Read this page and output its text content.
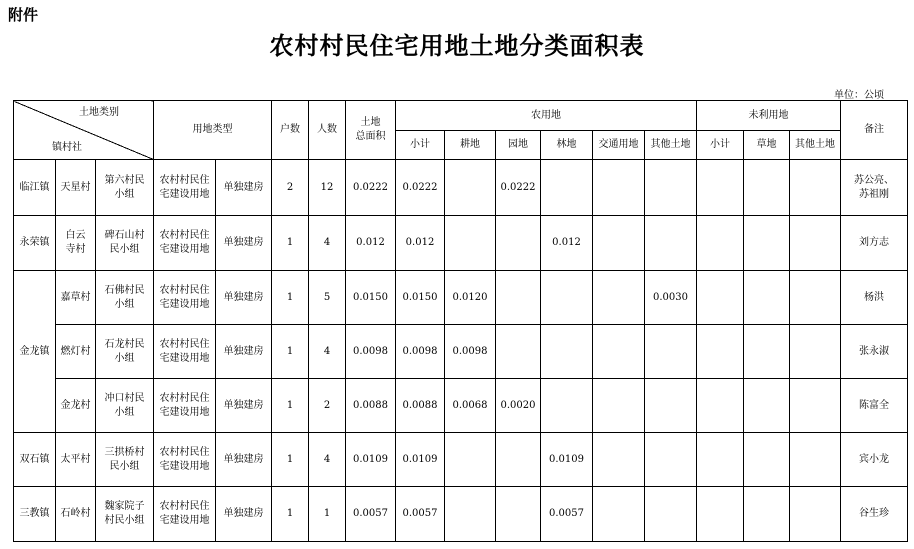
附件
农村村民住宅用地土地分类面积表
单位：公顷
土地类别
镇村社			用地类型		户数	人数	土地
总面积	农用地						未利用地			备注
								小计	耕地	园地	林地	交通用地	其他土地	小计	草地	其他土地	
临江镇	天星村	第六村民
小组	农村村民住
宅建设用地	单独建房	2	12	0.0222	0.0222		0.0222							苏公亮、
苏祖刚
永荣镇	白云
寺村	碑石山村
民小组	农村村民住
宅建设用地	单独建房	1	4	0.012	0.012			0.012						刘方志
金龙镇	嘉草村	石佛村民
小组	农村村民住
宅建设用地	单独建房	1	5	0.0150	0.0150	0.0120				0.0030				杨洪
	燃灯村	石龙村民
小组	农村村民住
宅建设用地	单独建房	1	4	0.0098	0.0098	0.0098								张永淑
	金龙村	冲口村民
小组	农村村民住
宅建设用地	单独建房	1	2	0.0088	0.0088	0.0068	0.0020							陈富全
双石镇	太平村	三拱桥村
民小组	农村村民住
宅建设用地	单独建房	1	4	0.0109	0.0109			0.0109						宾小龙
三教镇	石岭村	魏家院子
村民小组	农村村民住
宅建设用地	单独建房	1	1	0.0057	0.0057			0.0057						谷生珍
